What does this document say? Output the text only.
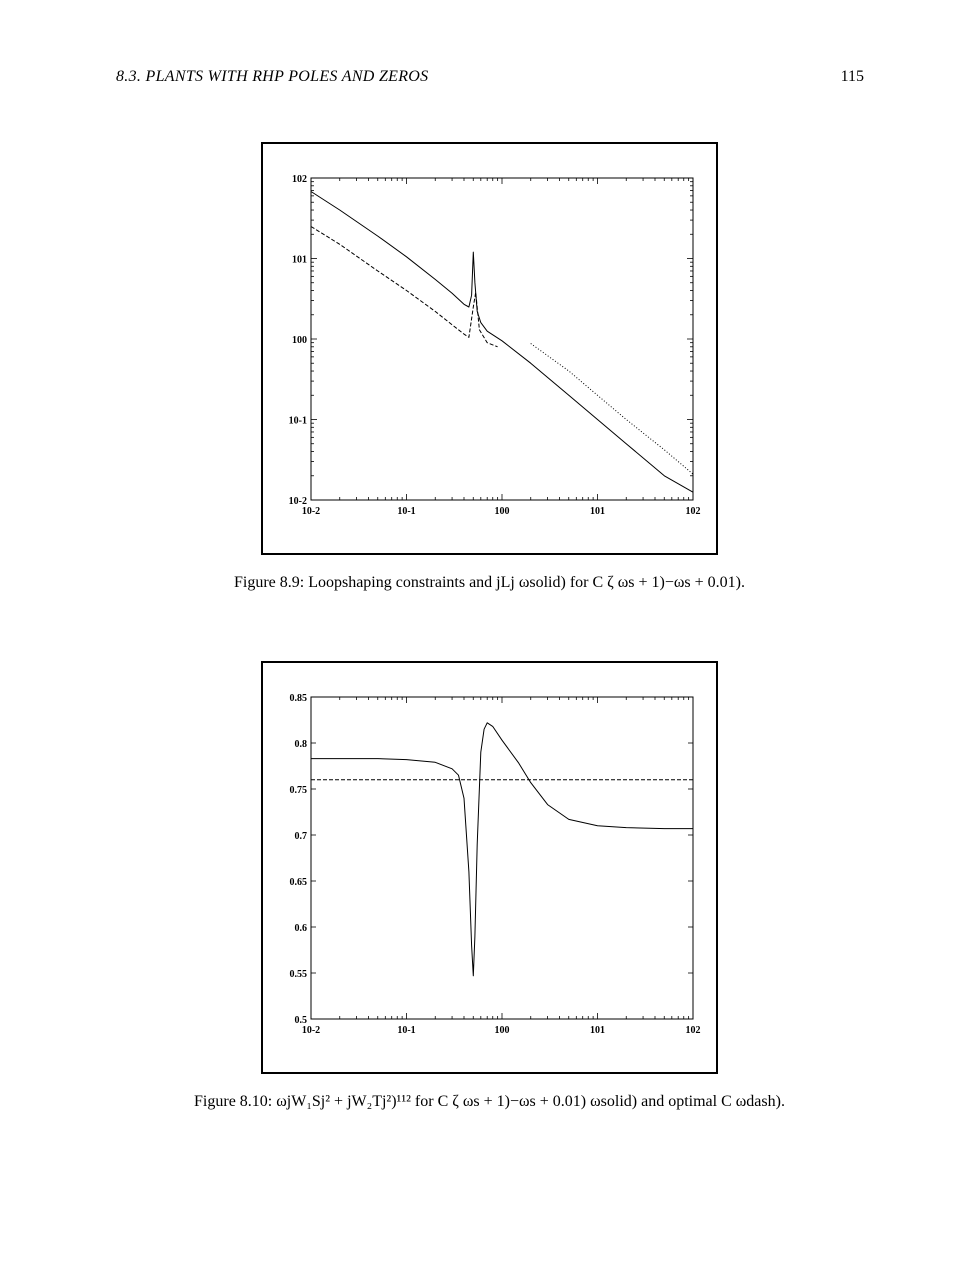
8.3. PLANTS WITH RHP POLES AND ZEROS	115
10-2	10-1	100	101	102
102
101
100
10-1
10-2
Figure 8.9: Loopshaping constraints and jLj ωsolid) for C ζ ωs + 1)−ωs + 0.01).
10-2	10-1	100	101	102
0.85
0.8
0.75
0.7
0.65
0.6
0.55
0.5
Figure 8.10: ωjW₁Sj² + jW₂Tj²)¹¹² for C ζ ωs + 1)−ωs + 0.01) ωsolid) and optimal C ωdash).
